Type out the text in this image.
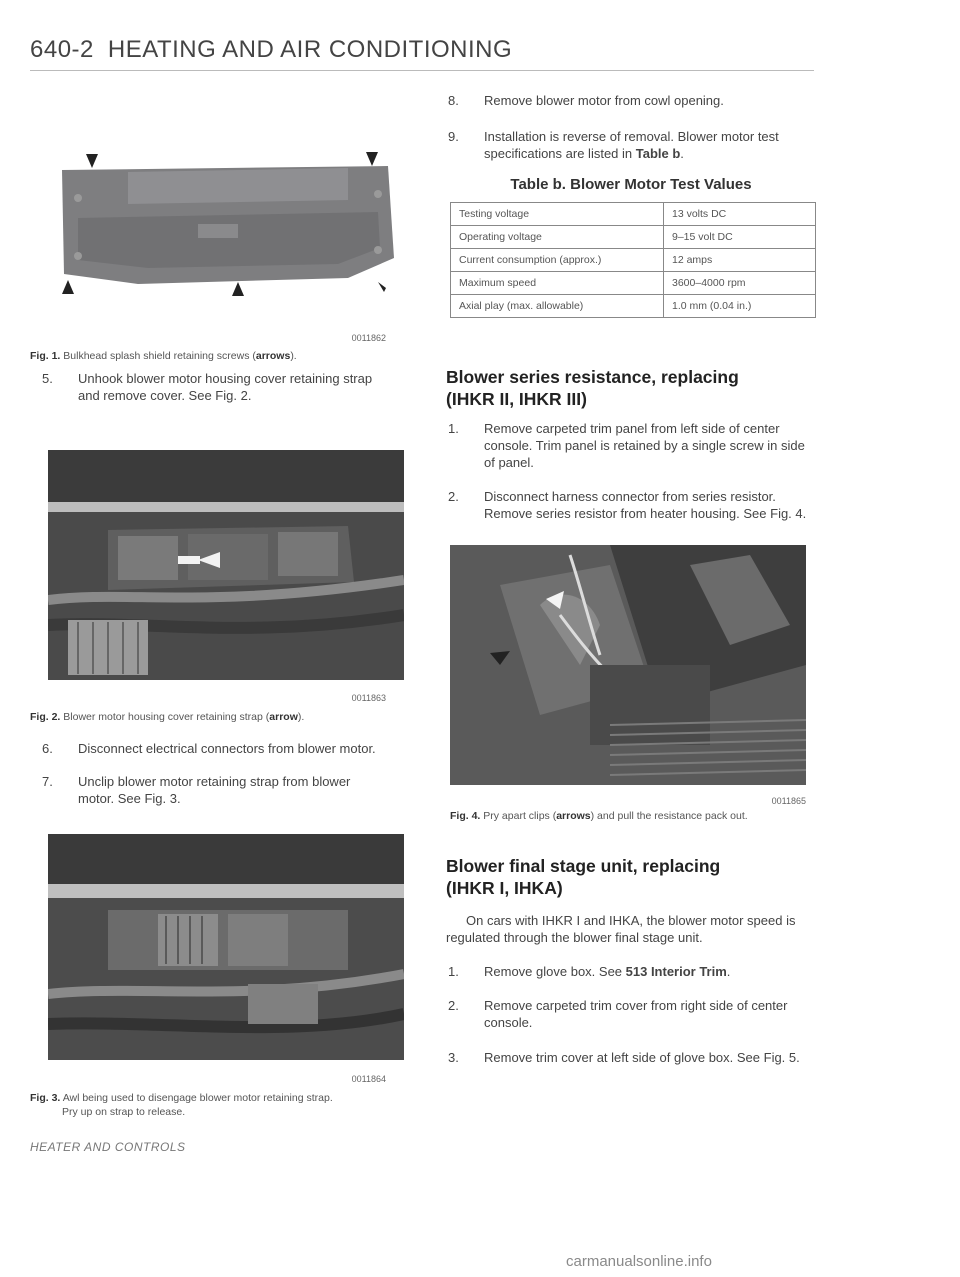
640-2 HEATING AND AIR CONDITIONING
0011862
Fig. 1. Bulkhead splash shield retaining screws (arrows).
5. Unhook blower motor housing cover retaining strap and remove cover. See Fig. 2.
0011863
Fig. 2. Blower motor housing cover retaining strap (arrow).
6. Disconnect electrical connectors from blower motor.
7. Unclip blower motor retaining strap from blower motor. See Fig. 3.
0011864
Fig. 3. Awl being used to disengage blower motor retaining strap.
Pry up on strap to release.
HEATER AND CONTROLS
8. Remove blower motor from cowl opening.
9. Installation is reverse of removal. Blower motor test specifications are listed in Table b.
Table b. Blower Motor Test Values
Testing voltage	13 volts DC
Operating voltage	9–15 volt DC
Current consumption (approx.)	12 amps
Maximum speed	3600–4000 rpm
Axial play (max. allowable)	1.0 mm (0.04 in.)
Blower series resistance, replacing
(IHKR II, IHKR III)
1. Remove carpeted trim panel from left side of center console. Trim panel is retained by a single screw in side of panel.
2. Disconnect harness connector from series resistor. Remove series resistor from heater housing. See Fig. 4.
0011865
Fig. 4. Pry apart clips (arrows) and pull the resistance pack out.
Blower final stage unit, replacing
(IHKR I, IHKA)
On cars with IHKR I and IHKA, the blower motor speed is regulated through the blower final stage unit.
1. Remove glove box. See 513 Interior Trim.
2. Remove carpeted trim cover from right side of center console.
3. Remove trim cover at left side of glove box. See Fig. 5.
carmanualsonline.info
